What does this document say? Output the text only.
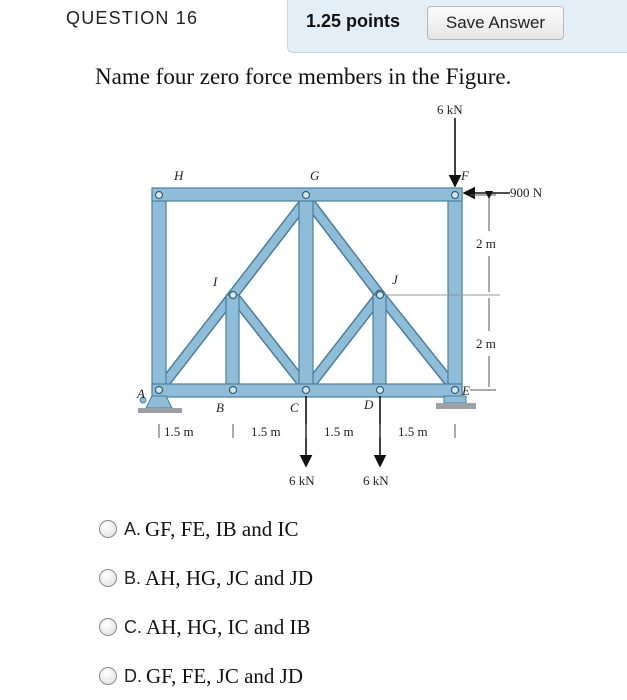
QUESTION 16	1.25 points	Save Answer
Name four zero force members in the Figure.
H	G	F
I	J
A
B	C	D
E
6 kN
900 N
6 kN	6 kN
2 m
2 m
1.5 m	1.5 m	1.5 m	1.5 m
A. GF, FE, IB and IC
B. AH, HG, JC and JD
C. AH, HG, IC and IB
D. GF, FE, JC and JD
